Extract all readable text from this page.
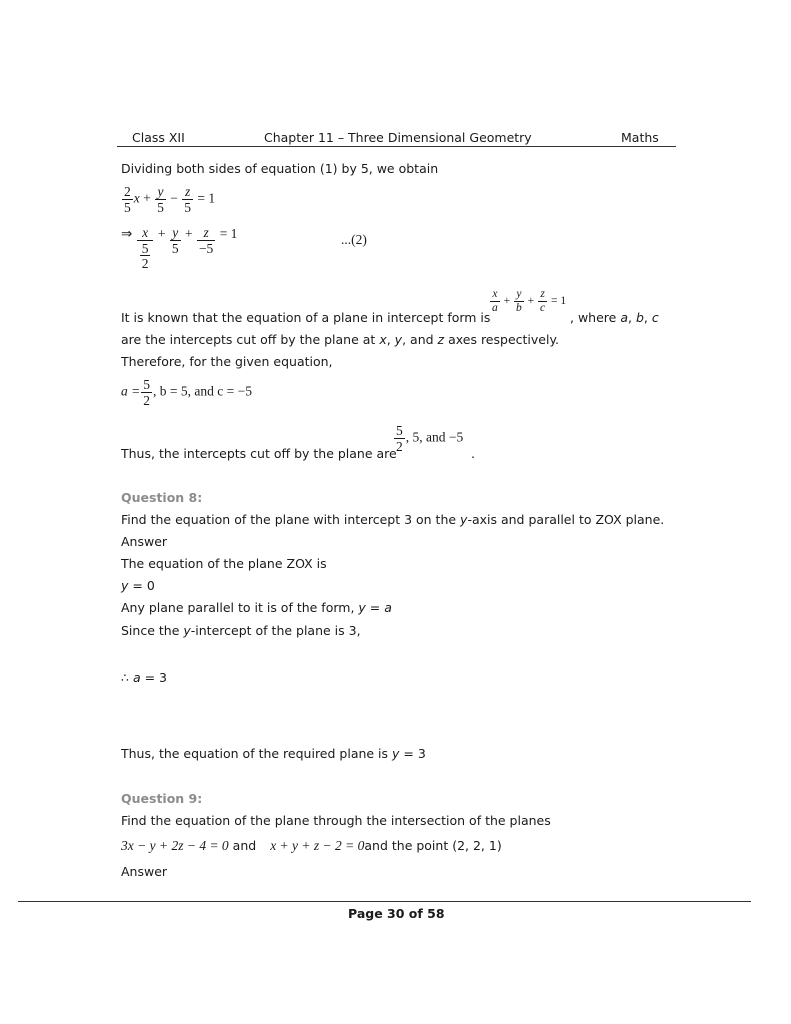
Class XII	Chapter 11 – Three Dimensional Geometry	Maths
Dividing both sides of equation (1) by 5, we obtain
$\frac{2}{5}$ $x + \frac{y}{5} - \frac{z}{5} = 1$
⇒ $\frac{x}{\frac{5}{2}} + \frac{y}{5} + \frac{z}{-5} = 1$	...(2)
It is known that the equation of a plane in intercept form is
$\frac{x}{a} + \frac{y}{b} + \frac{z}{c} = 1$
, where a, b, c
are the intercepts cut off by the plane at x, y, and z axes respectively.
Therefore, for the given equation,
$a = \frac{5}{2}$ , b = 5, and c = −5
Thus, the intercepts cut off by the plane are
$\frac{5}{2}$ , 5, and −5
.
Question 8:
Find the equation of the plane with intercept 3 on the y-axis and parallel to ZOX plane.
Answer
The equation of the plane ZOX is
y = 0
Any plane parallel to it is of the form, y = a
Since the y-intercept of the plane is 3,
∴ a = 3
Thus, the equation of the required plane is y = 3
Question 9:
Find the equation of the plane through the intersection of the planes
3x − y + 2z − 4 = 0 and x + y + z − 2 = 0and the point (2, 2, 1)
Answer
Page 30 of 58
